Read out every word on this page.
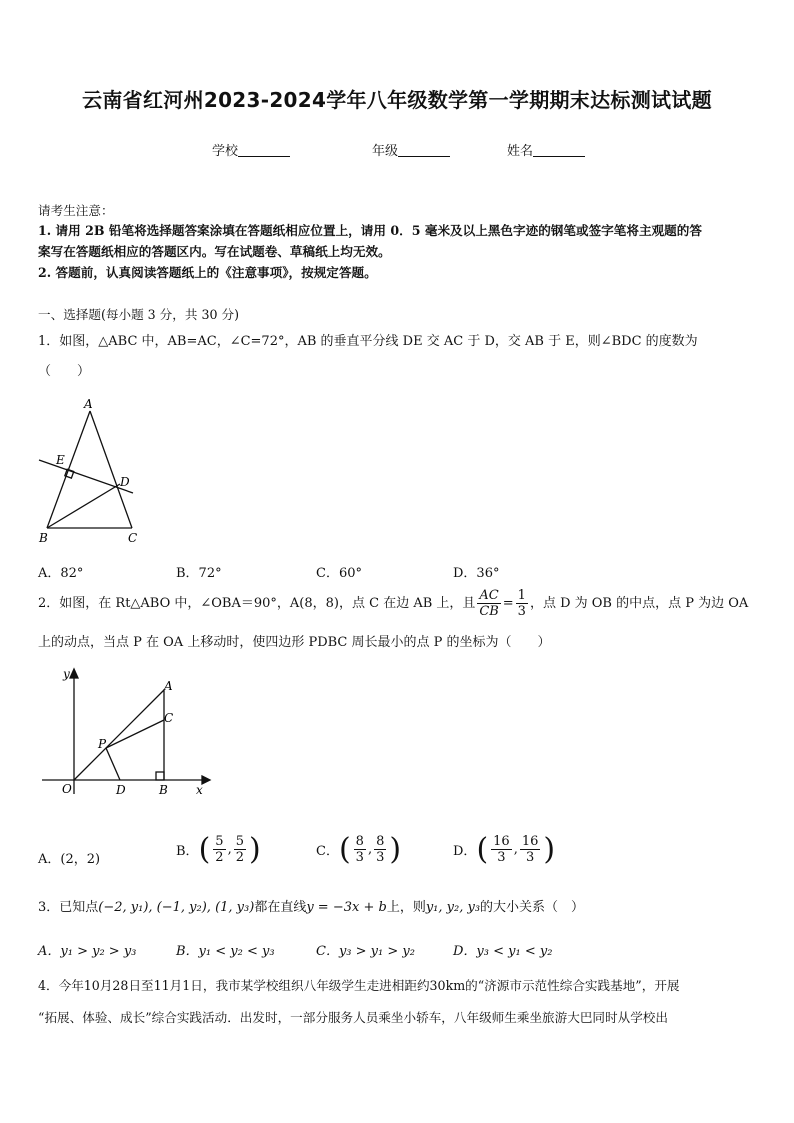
云南省红河州2023-2024学年八年级数学第一学期期末达标测试试题
学校	年级	姓名
请考生注意：
1. 请用 2B 铅笔将选择题答案涂填在答题纸相应位置上，请用 0．5 毫米及以上黑色字迹的钢笔或签字笔将主观题的答
案写在答题纸相应的答题区内。写在试题卷、草稿纸上均无效。
2. 答题前，认真阅读答题纸上的《注意事项》，按规定答题。
一、选择题(每小题 3 分，共 30 分)
1．如图，△ABC 中，AB=AC，∠C=72°，AB 的垂直平分线 DE 交 AC 于 D，交 AB 于 E，则∠BDC 的度数为
（　　）
A
B	C
D
E
A．82°	B．72°	C．60°	D．36°
2．如图，在 Rt△ABO 中，∠OBA＝90°，A(8，8)，点 C 在边 AB 上，且 $\frac{AC}{CB} = \frac{1}{3}$ ，点 D 为 OB 的中点，点 P 为边 OA
上的动点，当点 P 在 OA 上移动时，使四边形 PDBC 周长最小的点 P 的坐标为（　　）
y
x
O
A
C
P
D	B
A．(2，2)
B． ( $\frac{5}{2}$ , $\frac{5}{2}$ )	C． ( $\frac{8}{3}$ , $\frac{8}{3}$ )	D． ( $\frac{16}{3}$ , $\frac{16}{3}$ )
3．已知点(−2, y₁), (−1, y₂), (1, y₃)都在直线y = −3x + b上，则y₁, y₂, y₃的大小关系（　）
A．y₁ > y₂ > y₃	B．y₁ < y₂ < y₃	C．y₃ > y₁ > y₂	D．y₃ < y₁ < y₂
4．今年10月28日至11月1日，我市某学校组织八年级学生走进相距约30km的“济源市示范性综合实践基地”，开展
“拓展、体验、成长”综合实践活动．出发时，一部分服务人员乘坐小轿车，八年级师生乘坐旅游大巴同时从学校出
